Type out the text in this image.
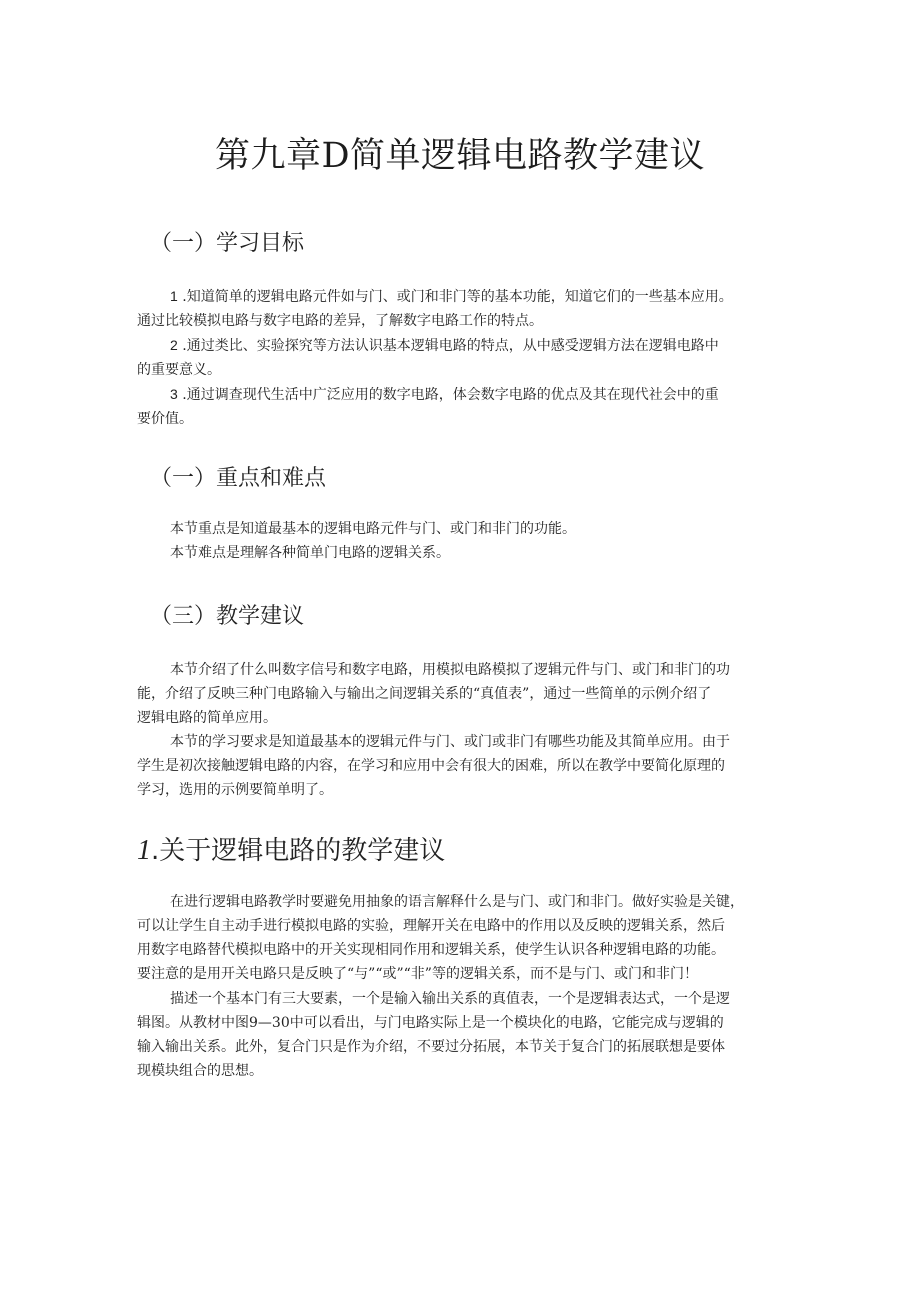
第九章D简单逻辑电路教学建议
（一）学习目标
1 .知道简单的逻辑电路元件如与门、或门和非门等的基本功能，知道它们的一些基本应用。
通过比较模拟电路与数字电路的差异，了解数字电路工作的特点。
2 .通过类比、实验探究等方法认识基本逻辑电路的特点，从中感受逻辑方法在逻辑电路中
的重要意义。
3 .通过调查现代生活中广泛应用的数字电路，体会数字电路的优点及其在现代社会中的重
要价值。
（一）重点和难点
本节重点是知道最基本的逻辑电路元件与门、或门和非门的功能。
本节难点是理解各种简单门电路的逻辑关系。
（三）教学建议
本节介绍了什么叫数字信号和数字电路，用模拟电路模拟了逻辑元件与门、或门和非门的功
能，介绍了反映三种门电路输入与输出之间逻辑关系的“真值表”，通过一些简单的示例介绍了
逻辑电路的简单应用。
本节的学习要求是知道最基本的逻辑元件与门、或门或非门有哪些功能及其简单应用。由于
学生是初次接触逻辑电路的内容，在学习和应用中会有很大的困难，所以在教学中要简化原理的
学习，选用的示例要简单明了。
1.关于逻辑电路的教学建议
在进行逻辑电路教学时要避免用抽象的语言解释什么是与门、或门和非门。做好实验是关键，
可以让学生自主动手进行模拟电路的实验，理解开关在电路中的作用以及反映的逻辑关系，然后
用数字电路替代模拟电路中的开关实现相同作用和逻辑关系，使学生认识各种逻辑电路的功能。
要注意的是用开关电路只是反映了“与”“或”“非”等的逻辑关系，而不是与门、或门和非门！
描述一个基本门有三大要素，一个是输入输出关系的真值表，一个是逻辑表达式，一个是逻
辑图。从教材中图9—30中可以看出，与门电路实际上是一个模块化的电路，它能完成与逻辑的
输入输出关系。此外，复合门只是作为介绍，不要过分拓展，本节关于复合门的拓展联想是要体
现模块组合的思想。
